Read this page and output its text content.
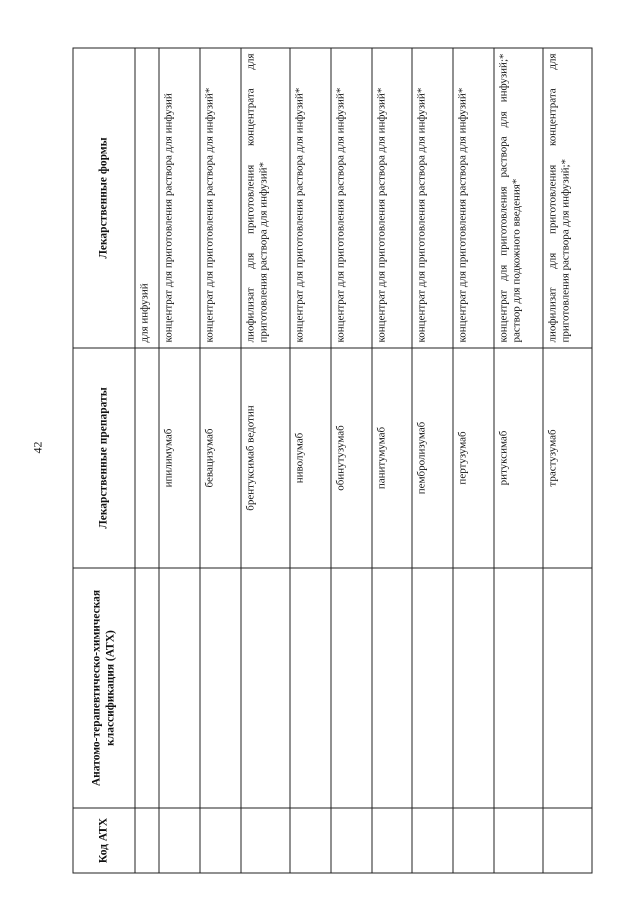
42
Код АТХ	Анатомо-терапевтическо-химическая классификация (АТХ)	Лекарственные препараты	Лекарственные формы
			для инфузий
		ипилимумаб	концентрат для приготовления раствора для инфузий
		бевацизумаб	концентрат для приготовления раствора для инфузий*
		брентуксимаб ведотин	лиофилизат для приготовления концентрата для приготовления раствора для инфузий*
		ниволумаб	концентрат для приготовления раствора для инфузий*
		обинутузумаб	концентрат для приготовления раствора для инфузий*
		панитумумаб	концентрат для приготовления раствора для инфузий*
		пембролизумаб	концентрат для приготовления раствора для инфузий*
		пертузумаб	концентрат для приготовления раствора для инфузий*
		ритуксимаб	концентрат для приготовления раствора для инфузий;* раствор для подкожного введения*
		трастузумаб	лиофилизат для приготовления концентрата для приготовления раствора для инфузий;*
